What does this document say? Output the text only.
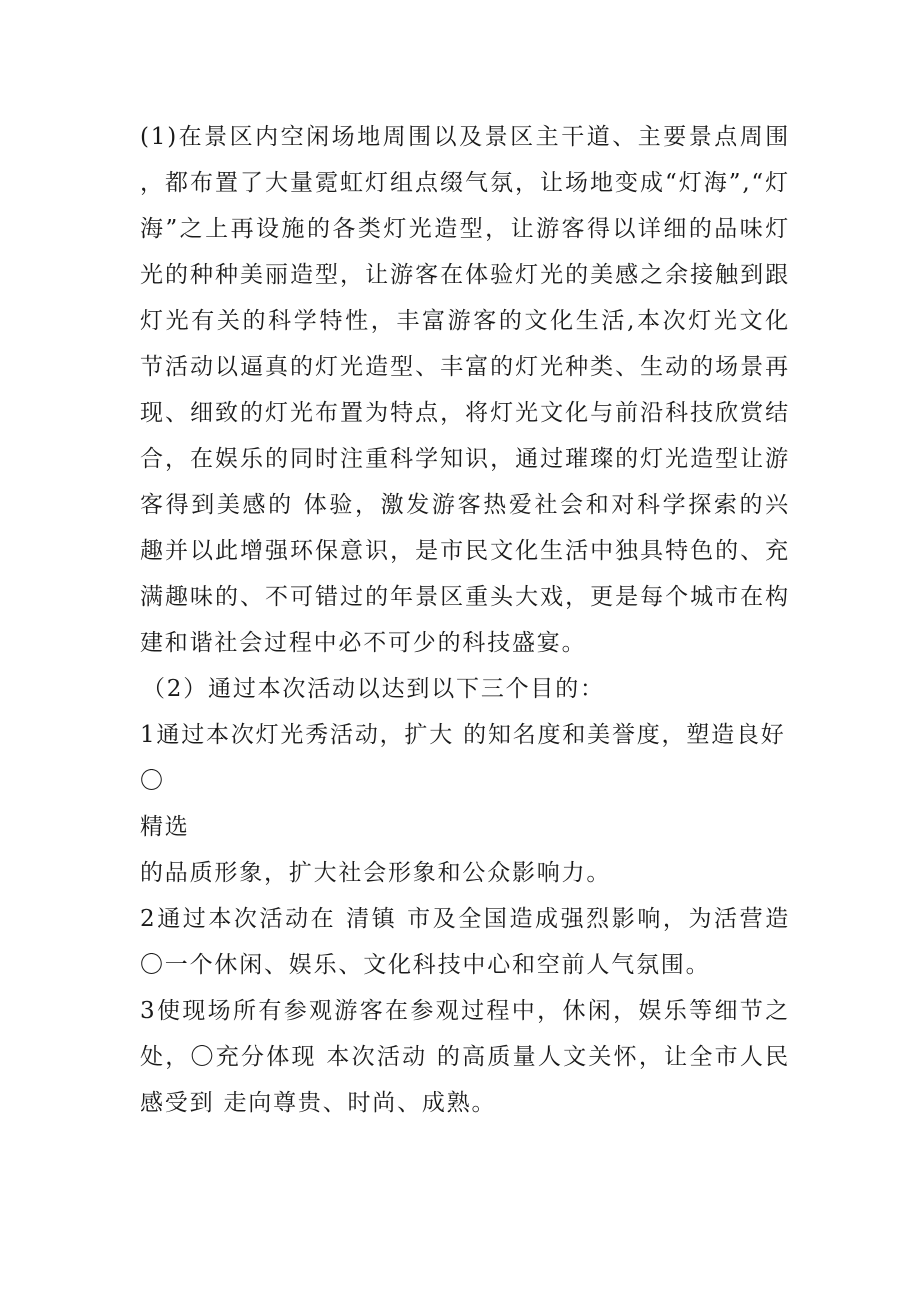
(1)在景区内空闲场地周围以及景区主干道、主要景点周围，都布置了大量霓虹灯组点缀气氛，让场地变成“灯海”,“灯海”之上再设施的各类灯光造型，让游客得以详细的品味灯光的种种美丽造型，让游客在体验灯光的美感之余接触到跟灯光有关的科学特性，丰富游客的文化生活,本次灯光文化节活动以逼真的灯光造型、丰富的灯光种类、生动的场景再现、细致的灯光布置为特点，将灯光文化与前沿科技欣赏结合，在娱乐的同时注重科学知识，通过璀璨的灯光造型让游客得到美感的 体验，激发游客热爱社会和对科学探索的兴趣并以此增强环保意识，是市民文化生活中独具特色的、充满趣味的、不可错过的年景区重头大戏，更是每个城市在构建和谐社会过程中必不可少的科技盛宴。

（2）通过本次活动以达到以下三个目的：

1通过本次灯光秀活动，扩大 的知名度和美誉度，塑造良好

〇

精选

的品质形象，扩大社会形象和公众影响力。

2通过本次活动在 清镇 市及全国造成强烈影响，为活营造〇一个休闲、娱乐、文化科技中心和空前人气氛围。

3使现场所有参观游客在参观过程中，休闲，娱乐等细节之处，〇充分体现 本次活动 的高质量人文关怀，让全市人民感受到 走向尊贵、时尚、成熟。
